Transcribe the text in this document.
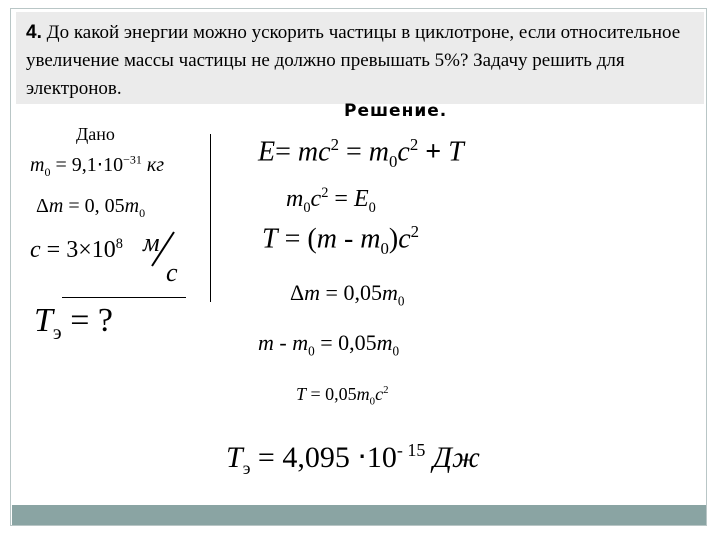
4. До какой энергии можно ускорить частицы в циклотроне, если относительное увеличение массы частицы не должно превышать 5%? Задачу решить для электронов.
Решение.
Дано
$m_0 = 9,1\cdot 10^{-31}$ кг
Δm = 0, $05m_0$
$c = 3\times 10^8$ м
с
$T_э$ = ?
$E= mc^2 = m_0c^2 + T$
$m_0c^2 = E_0$
$T = (m - m_0)c^2$
$\Delta m = 0,05m_0$
$m - m_0 = 0,05m_0$
$T = 0,05m_0c^2$
$T_э = 4,095 \cdot 10^{- 15}$ Дж
